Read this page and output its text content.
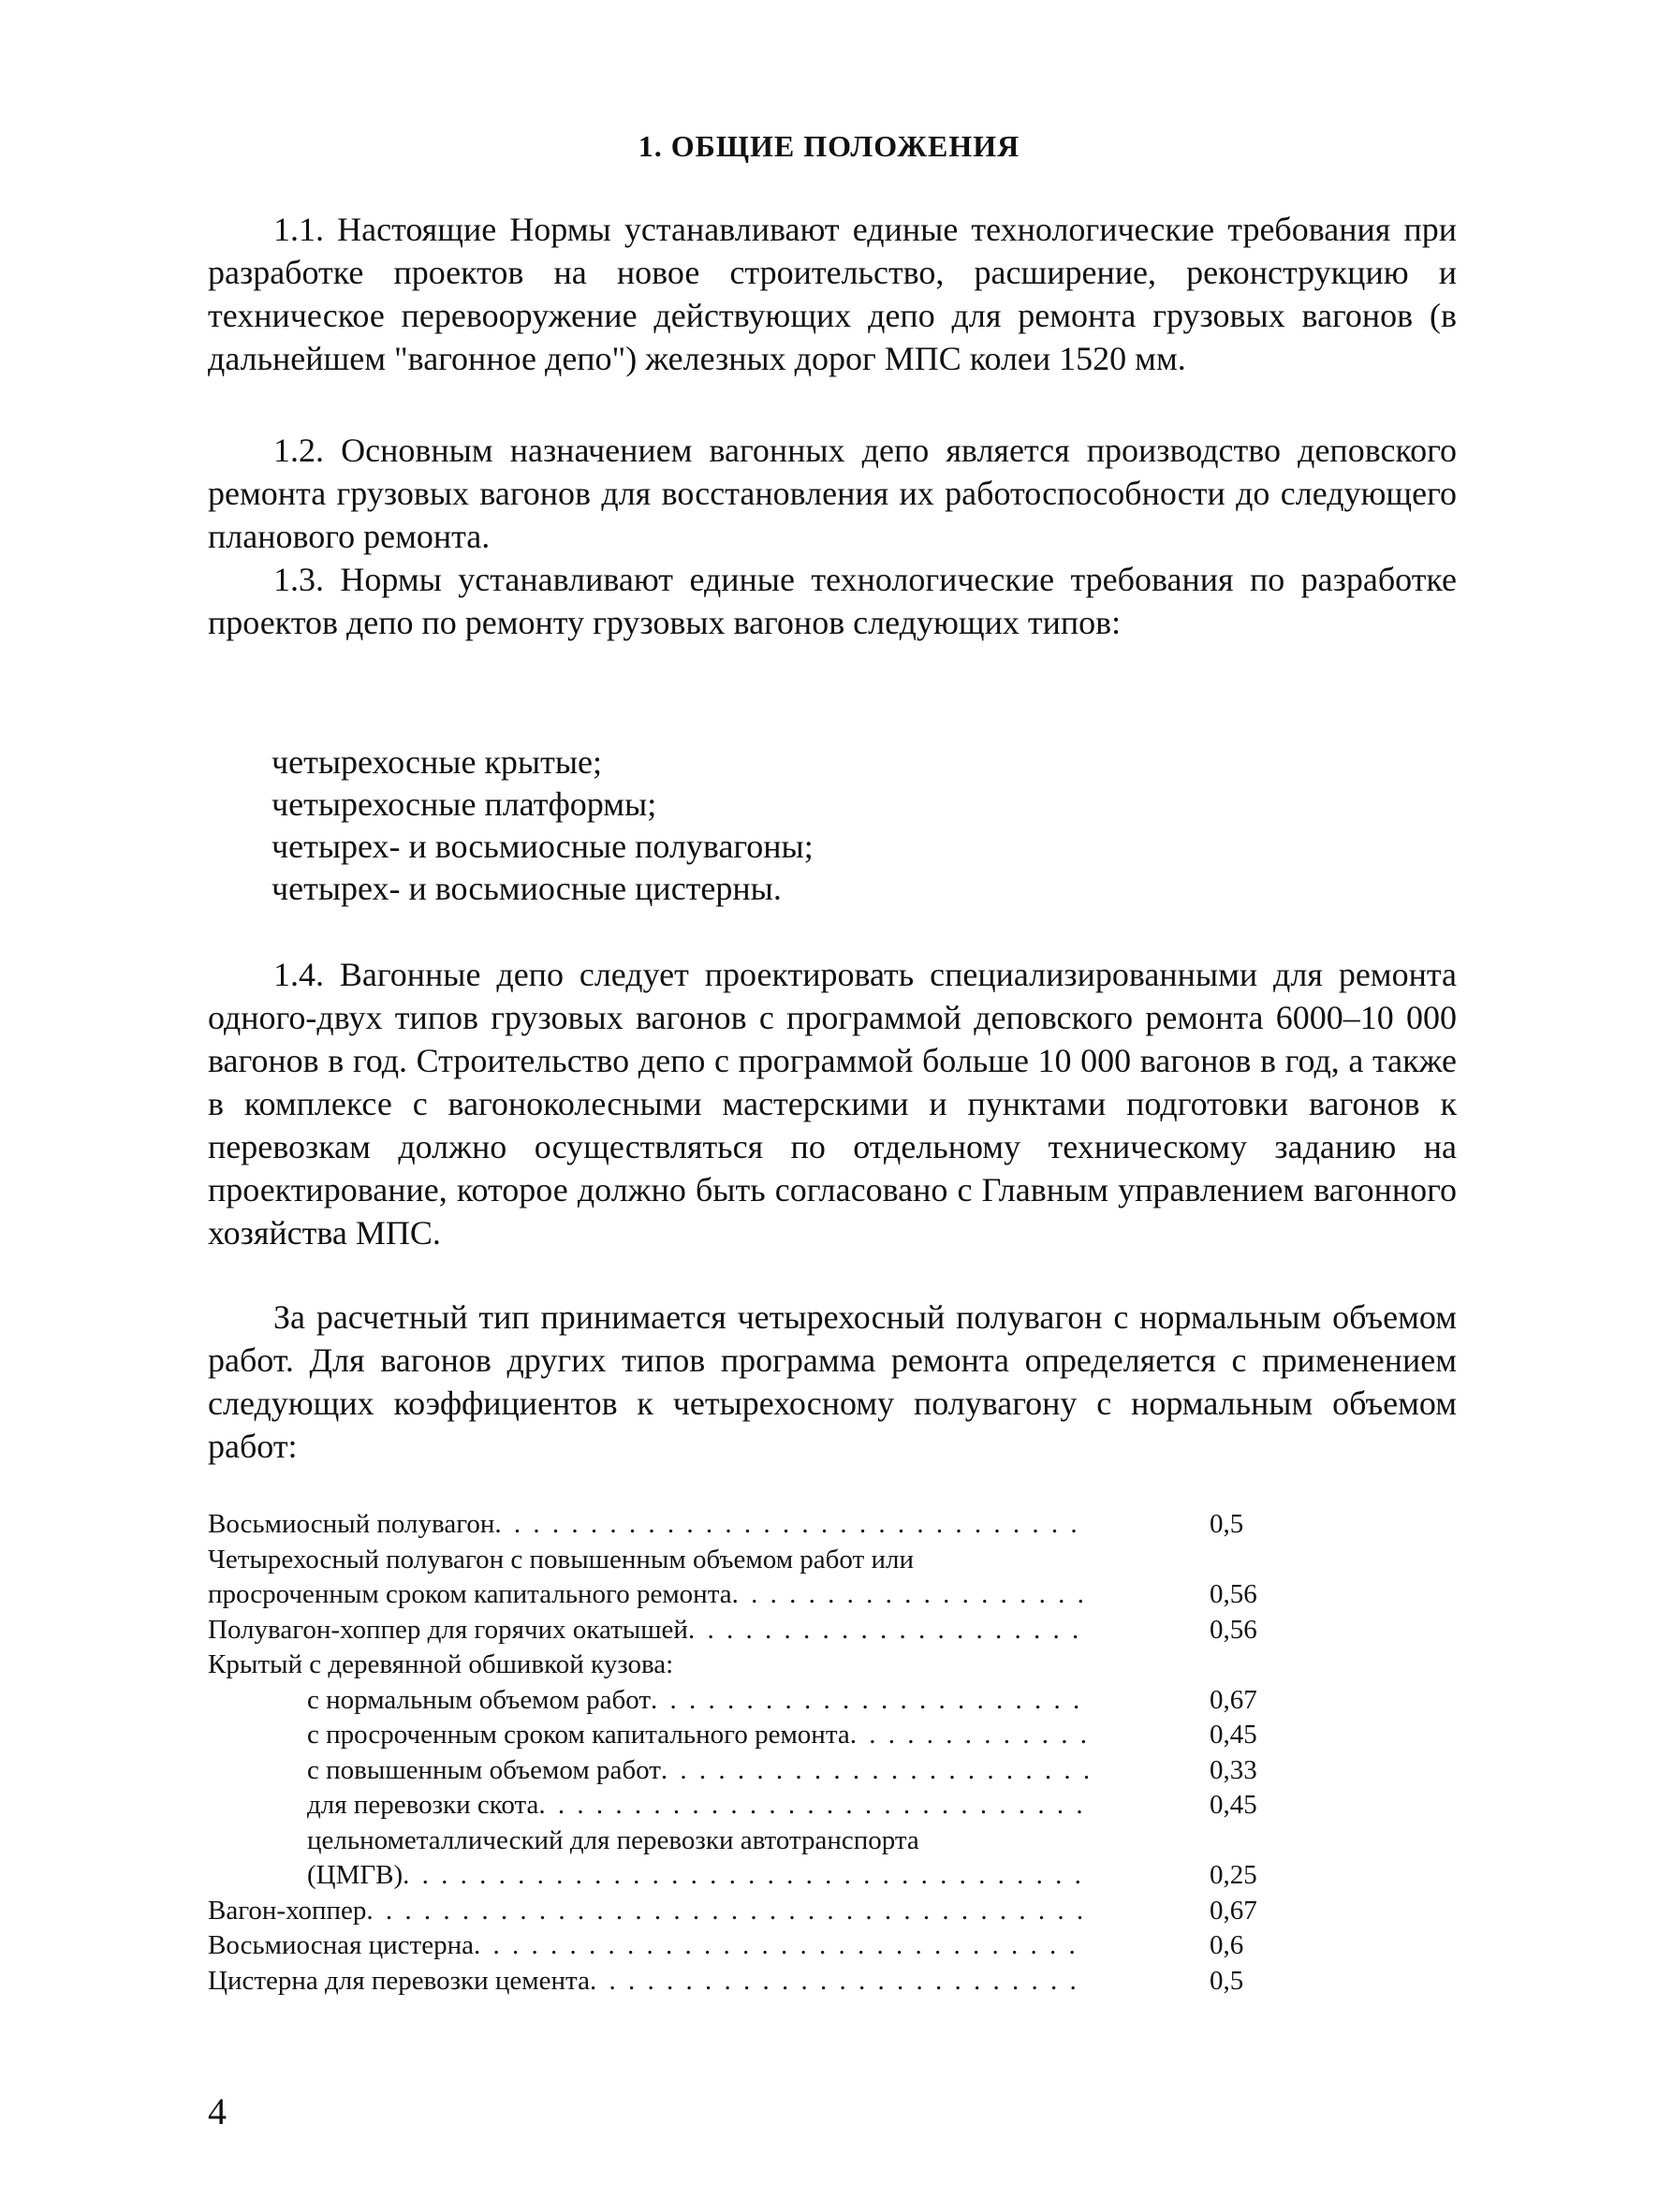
1. ОБЩИЕ ПОЛОЖЕНИЯ

1.1. Настоящие Нормы устанавливают единые технологические требования при разработке проектов на новое строительство, расширение, реконструкцию и техническое перевооружение действующих депо для ремонта грузовых вагонов (в дальнейшем "вагонное депо") железных дорог МПС колеи 1520 мм.

1.2. Основным назначением вагонных депо является производство деповского ремонта грузовых вагонов для восстановления их работоспособности до следующего планового ремонта.

1.3. Нормы устанавливают единые технологические требования по разработке проектов депо по ремонту грузовых вагонов следующих типов:

четырехосные крытые;
четырехосные платформы;
четырех- и восьмиосные полувагоны;
четырех- и восьмиосные цистерны.

1.4. Вагонные депо следует проектировать специализированными для ремонта одного-двух типов грузовых вагонов с программой деповского ремонта 6000–10 000 вагонов в год. Строительство депо с программой больше 10 000 вагонов в год, а также в комплексе с вагоноколесными мастерскими и пунктами подготовки вагонов к перевозкам должно осуществляться по отдельному техническому заданию на проектирование, которое должно быть согласовано с Главным управлением вагонного хозяйства МПС.

За расчетный тип принимается четырехосный полувагон с нормальным объемом работ. Для вагонов других типов программа ремонта определяется с применением следующих коэффициентов к четырехосному полувагону с нормальным объемом работ:

Восьмиосный полувагон . . .	0,5
Четырехосный полувагон с повышенным объемом работ или
просроченным сроком капитального ремонта . . .	0,56
Полувагон-хоппер для горячих окатышей . . .	0,56
Крытый с деревянной обшивкой кузова:
с нормальным объемом работ . . .	0,67
с просроченным сроком капитального ремонта . . .	0,45
с повышенным объемом работ . . .	0,33
для перевозки скота . . .	0,45
цельнометаллический для перевозки автотранспорта
(ЦМГВ) . . .	0,25
Вагон-хоппер . . .	0,67
Восьмиосная цистерна . . .	0,6
Цистерна для перевозки цемента . . .	0,5
4
